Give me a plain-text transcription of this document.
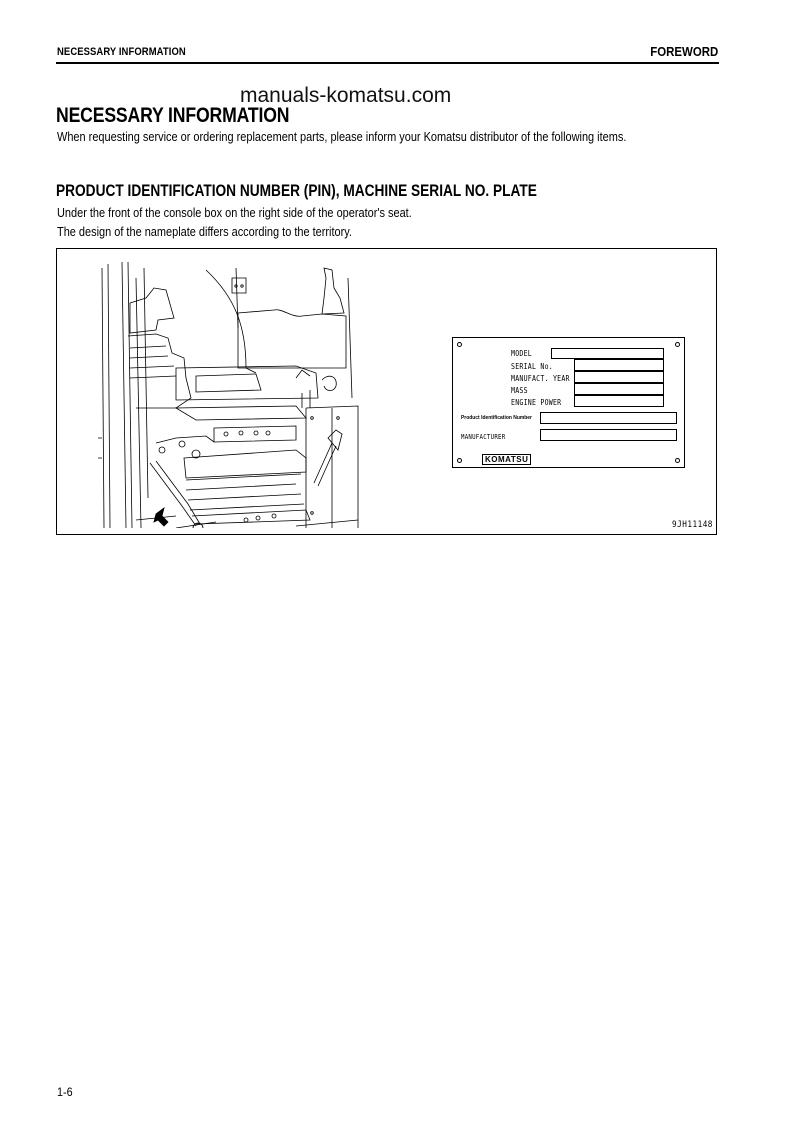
NECESSARY INFORMATION	FOREWORD
manuals-komatsu.com
NECESSARY INFORMATION
When requesting service or ordering replacement parts, please inform your Komatsu distributor of the following items.
PRODUCT IDENTIFICATION NUMBER (PIN), MACHINE SERIAL NO. PLATE
Under the front of the console box on the right side of the operator's seat.
The design of the nameplate differs according to the territory.
MODEL
SERIAL No.
MANUFACT. YEAR
MASS
ENGINE POWER
Product Identification Number
MANUFACTURER
KOMATSU
9JH11148
1-6
